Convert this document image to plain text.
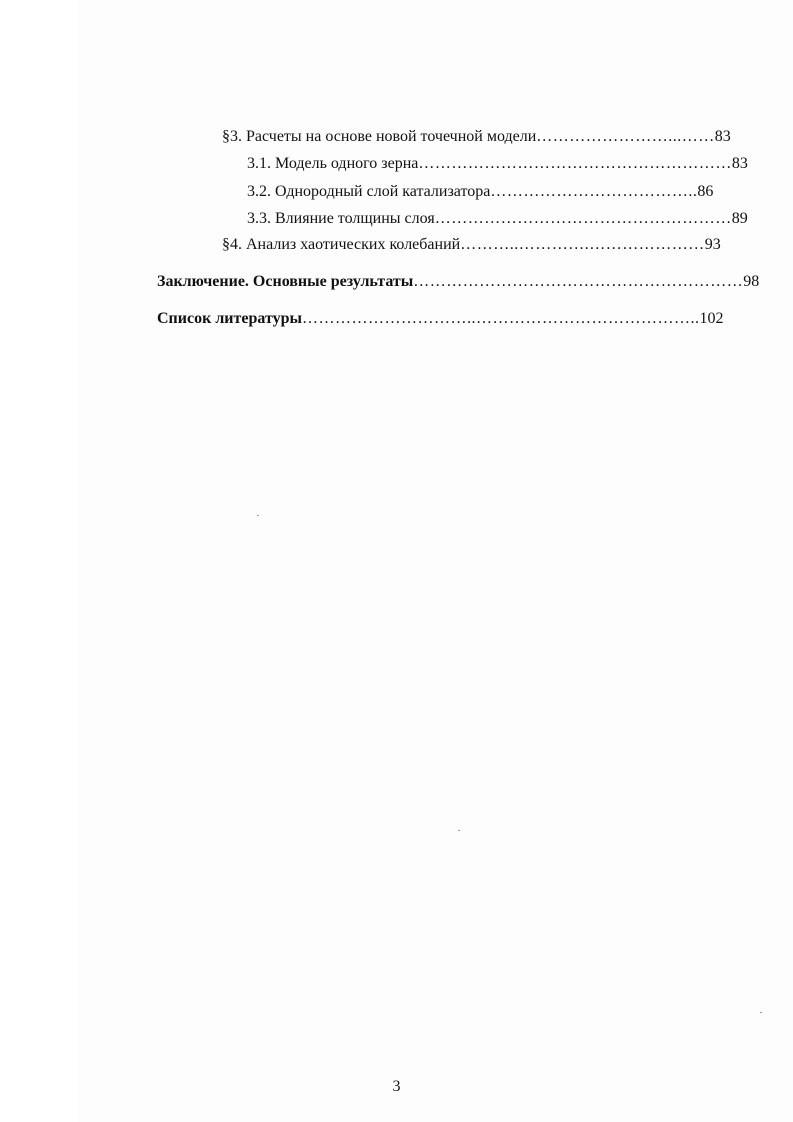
§3. Расчеты на основе новой точечной модели ……………………...…… 83
3.1. Модель одного зерна ………………………………………………… 83
3.2. Однородный слой катализатора ……………………………….. 86
3.3. Влияние толщины слоя ……………………………………………… 89
§4. Анализ хаотических колебаний ………..………….………………… 93
Заключение. Основные результаты …………………………………………………… 98
Список литературы …………………………..………………………………….. 102
3
